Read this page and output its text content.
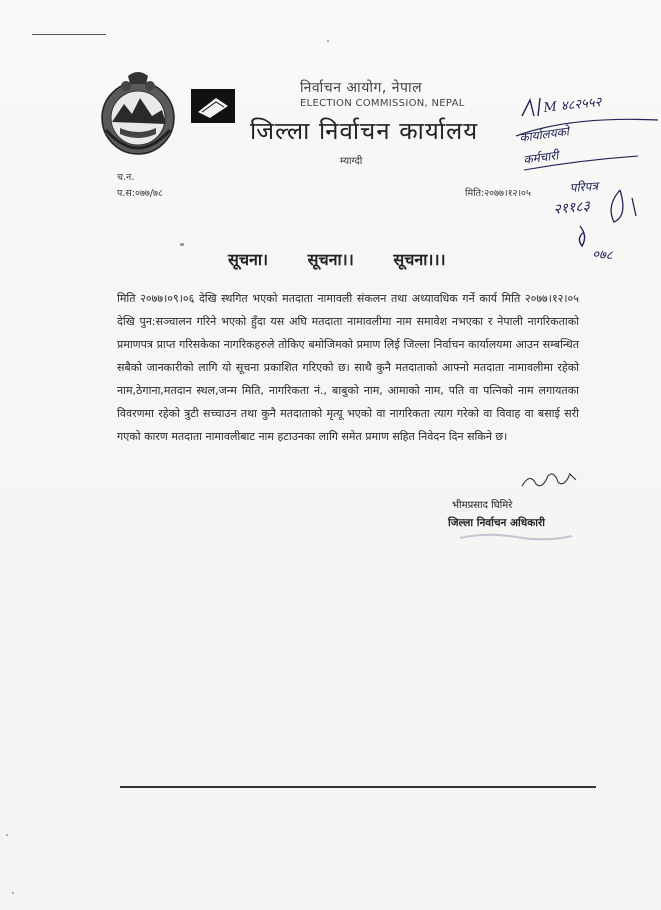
निर्वाचन आयोग, नेपाल
ELECTION COMMISSION, NEPAL
जिल्ला निर्वाचन कार्यालय
म्याग्दी
च.न.
प.स:०७७/७८	मिति:२०७७।१२।०५
M ४८२५५२
कार्यालयको
कर्मचारी
परिपत्र
२११८३
०७८
सूचना। सूचना।। सूचना।।।
मिति २०७७।०९।०६ देखि स्थगित भएको मतदाता नामावली संकलन तथा अध्यावधिक गर्ने कार्य मिति २०७७।१२।०५ देखि पुन:सञ्चालन गरिने भएको हुँदा यस अघि मतदाता नामावलीमा नाम समावेश नभएका र नेपाली नागरिकताको प्रमाणपत्र प्राप्त गरिसकेका नागरिकहरुले तोकिए बमोजिमको प्रमाण लिई जिल्ला निर्वाचन कार्यालयमा आउन सम्बन्धित सबैको जानकारीको लागि यो सूचना प्रकाशित गरिएको छ। साथै कुनै मतदाताको आफ्नो मतदाता नामावलीमा रहेको नाम,ठेगाना,मतदान स्थल,जन्म मिति, नागरिकता नं., बाबुको नाम, आमाको नाम, पति वा पत्निको नाम लगायतका विवरणमा रहेको त्रुटी सच्चाउन तथा कुनै मतदाताको मृत्यू भएको वा नागरिकता त्याग गरेको वा विवाह वा बसाई सरी गएको कारण मतदाता नामावलीबाट नाम हटाउनका लागि समेत प्रमाण सहित निवेदन दिन सकिने छ।
भीमप्रसाद घिमिरे
जिल्ला निर्वाचन अधिकारी
